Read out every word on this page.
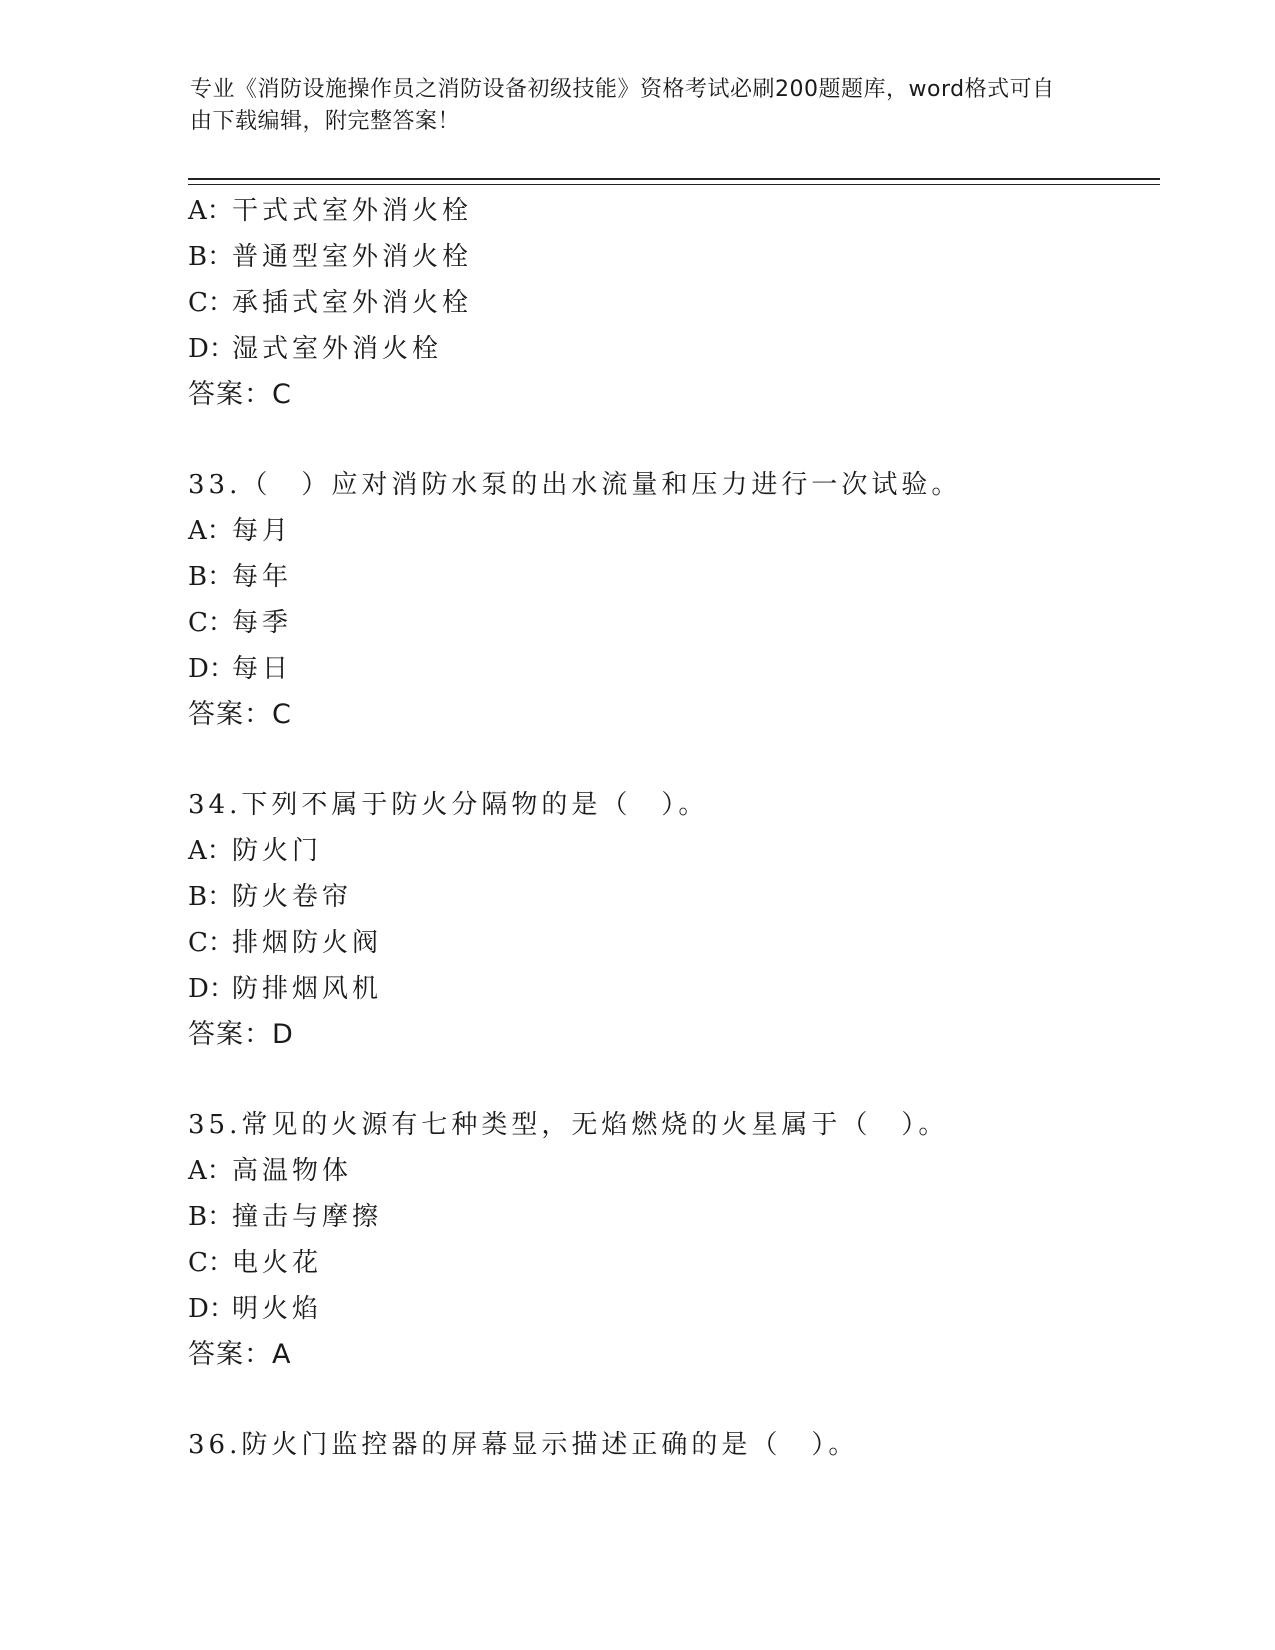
专业《消防设施操作员之消防设备初级技能》资格考试必刷200题题库，word格式可自由下载编辑，附完整答案！
A：干式式室外消火栓
B：普通型室外消火栓
C：承插式室外消火栓
D：湿式室外消火栓
答案：C
33.（　）应对消防水泵的出水流量和压力进行一次试验。
A：每月
B：每年
C：每季
D：每日
答案：C
34.下列不属于防火分隔物的是（　）。
A：防火门
B：防火卷帘
C：排烟防火阀
D：防排烟风机
答案：D
35.常见的火源有七种类型，无焰燃烧的火星属于（　）。
A：高温物体
B：撞击与摩擦
C：电火花
D：明火焰
答案：A
36.防火门监控器的屏幕显示描述正确的是（　）。
